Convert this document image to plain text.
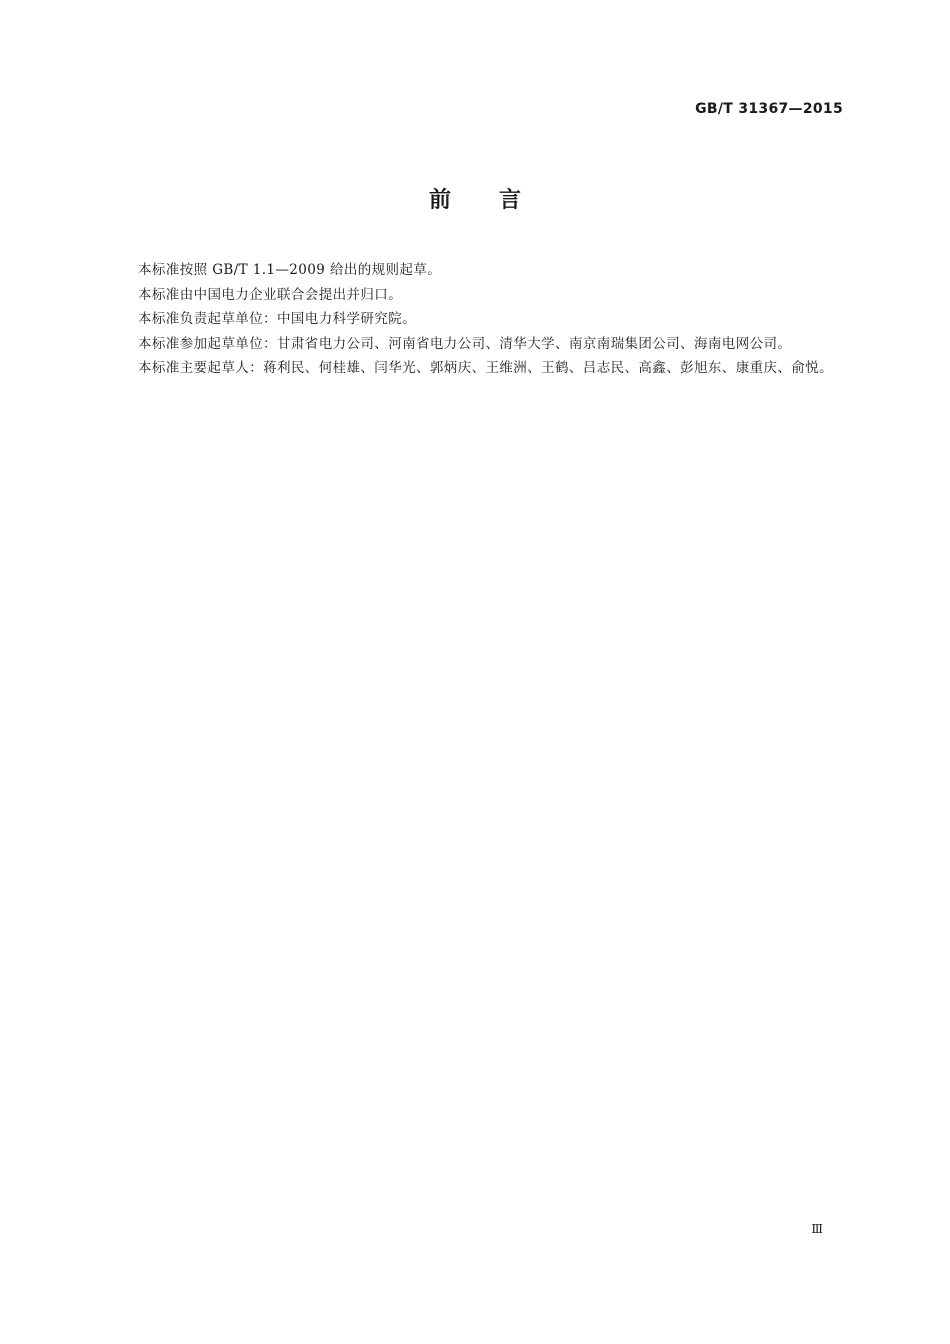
GB/T 31367—2015
前言

本标准按照 GB/T 1.1—2009 给出的规则起草。

本标准由中国电力企业联合会提出并归口。

本标准负责起草单位：中国电力科学研究院。

本标准参加起草单位：甘肃省电力公司、河南省电力公司、清华大学、南京南瑞集团公司、海南电网公司。

本标准主要起草人：蒋利民、何桂雄、闫华光、郭炳庆、王维洲、王鹤、吕志民、高鑫、彭旭东、康重庆、俞悦。

Ⅲ
